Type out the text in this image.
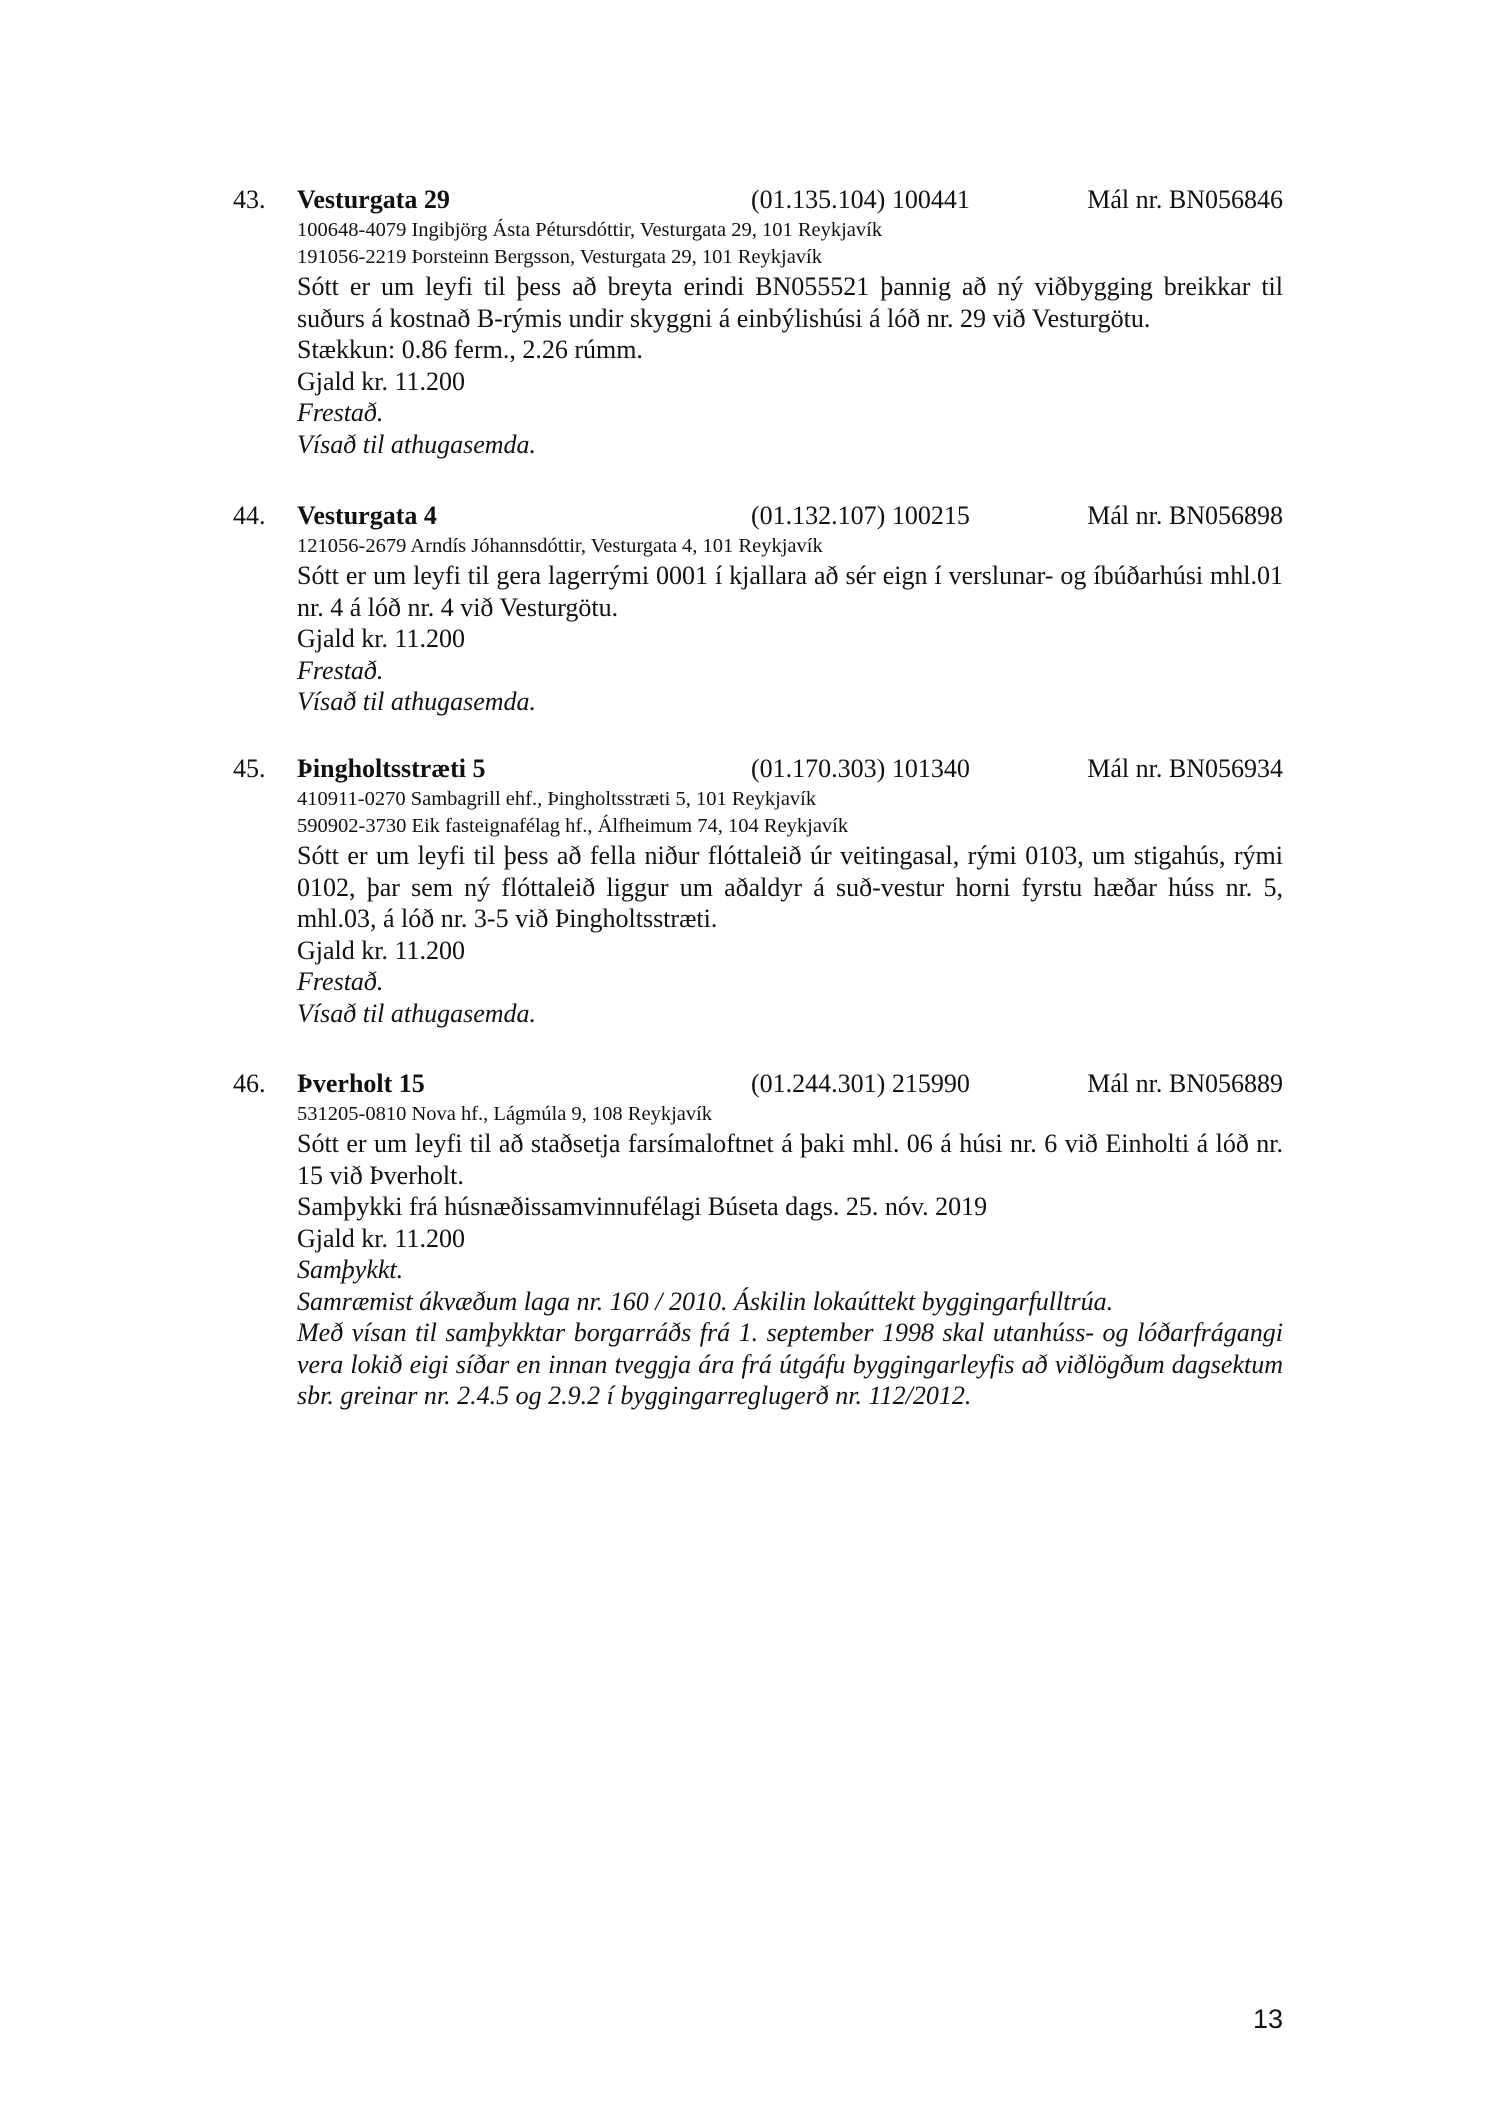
43. Vesturgata 29	(01.135.104) 100441	Mál nr. BN056846
100648-4079 Ingibjörg Ásta Pétursdóttir, Vesturgata 29, 101 Reykjavík
191056-2219 Þorsteinn Bergsson, Vesturgata 29, 101 Reykjavík
Sótt er um leyfi til þess að breyta erindi BN055521 þannig að ný viðbygging breikkar til suðurs á kostnað B-rýmis undir skyggni á einbýlishúsi á lóð nr. 29 við Vesturgötu.
Stækkun: 0.86 ferm., 2.26 rúmm.
Gjald kr. 11.200
Frestað.
Vísað til athugasemda.
44. Vesturgata 4	(01.132.107) 100215	Mál nr. BN056898
121056-2679 Arndís Jóhannsdóttir, Vesturgata 4, 101 Reykjavík
Sótt er um leyfi til gera lagerrými 0001 í kjallara að sér eign í verslunar- og íbúðarhúsi mhl.01 nr. 4 á lóð nr. 4 við Vesturgötu.
Gjald kr. 11.200
Frestað.
Vísað til athugasemda.
45. Þingholtsstræti 5	(01.170.303) 101340	Mál nr. BN056934
410911-0270 Sambagrill ehf., Þingholtsstræti 5, 101 Reykjavík
590902-3730 Eik fasteignafélag hf., Álfheimum 74, 104 Reykjavík
Sótt er um leyfi til þess að fella niður flóttaleið úr veitingasal, rými 0103, um stigahús, rými 0102, þar sem ný flóttaleið liggur um aðaldyr á suð-vestur horni fyrstu hæðar húss nr. 5, mhl.03, á lóð nr. 3-5 við Þingholtsstræti.
Gjald kr. 11.200
Frestað.
Vísað til athugasemda.
46. Þverholt 15	(01.244.301) 215990	Mál nr. BN056889
531205-0810 Nova hf., Lágmúla 9, 108 Reykjavík
Sótt er um leyfi til að staðsetja farsímaloftnet á þaki mhl. 06 á húsi nr. 6 við Einholti á lóð nr. 15 við Þverholt.
Samþykki frá húsnæðissamvinnufélagi Búseta dags. 25. nóv. 2019
Gjald kr. 11.200
Samþykkt.
Samræmist ákvæðum laga nr. 160 / 2010. Áskilin lokaúttekt byggingarfulltrúa.
Með vísan til samþykktar borgarráðs frá 1. september 1998 skal utanhúss- og lóðarfrágangi vera lokið eigi síðar en innan tveggja ára frá útgáfu byggingarleyfis að viðlögðum dagsektum sbr. greinar nr. 2.4.5 og 2.9.2 í byggingarreglugerð nr. 112/2012.
13
